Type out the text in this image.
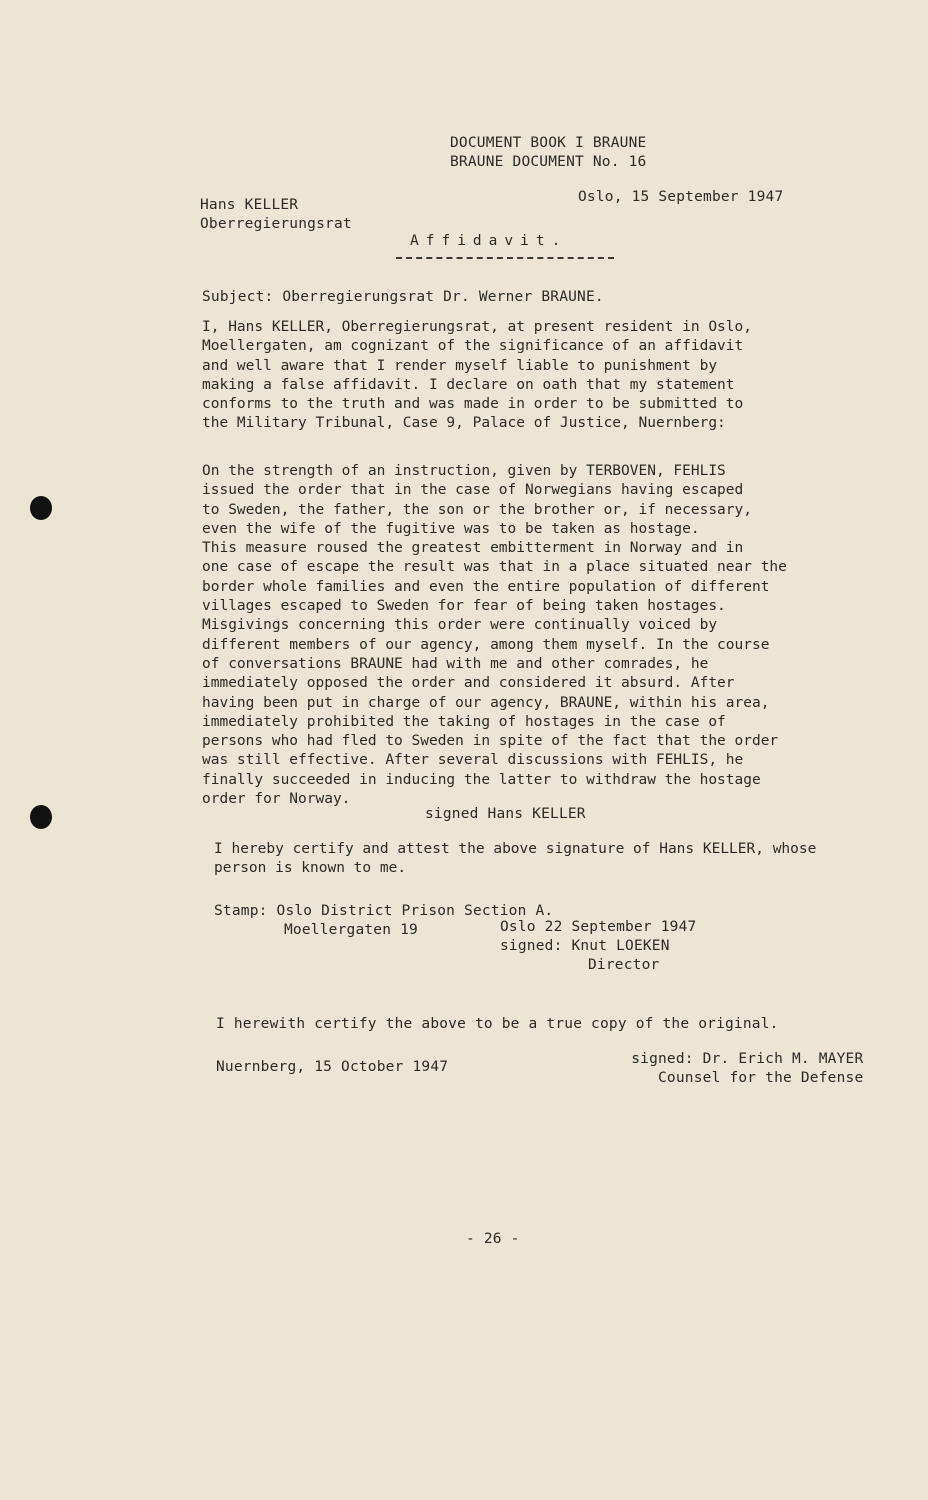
DOCUMENT BOOK I BRAUNE
BRAUNE DOCUMENT No. 16
Hans KELLER
Oberregierungsrat
Oslo, 15 September 1947
Affidavit.
Subject: Oberregierungsrat Dr. Werner BRAUNE.
I, Hans KELLER, Oberregierungsrat, at present resident in Oslo,
Moellergaten, am cognizant of the significance of an affidavit
and well aware that I render myself liable to punishment by
making a false affidavit. I declare on oath that my statement
conforms to the truth and was made in order to be submitted to
the Military Tribunal, Case 9, Palace of Justice, Nuernberg:
On the strength of an instruction, given by TERBOVEN, FEHLIS
issued the order that in the case of Norwegians having escaped
to Sweden, the father, the son or the brother or, if necessary,
even the wife of the fugitive was to be taken as hostage.
This measure roused the greatest embitterment in Norway and in
one case of escape the result was that in a place situated near the
border whole families and even the entire population of different
villages escaped to Sweden for fear of being taken hostages.
Misgivings concerning this order were continually voiced by
different members of our agency, among them myself. In the course
of conversations BRAUNE had with me and other comrades, he
immediately opposed the order and considered it absurd. After
having been put in charge of our agency, BRAUNE, within his area,
immediately prohibited the taking of hostages in the case of
persons who had fled to Sweden in spite of the fact that the order
was still effective. After several discussions with FEHLIS, he
finally succeeded in inducing the latter to withdraw the hostage
order for Norway.
signed Hans KELLER
I hereby certify and attest the above signature of Hans KELLER, whose
person is known to me.
Stamp: Oslo District Prison Section A.
Moellergaten 19	Oslo 22 September 1947
signed: Knut LOEKEN
Director
I herewith certify the above to be a true copy of the original.
Nuernberg, 15 October 1947	signed: Dr. Erich M. MAYER
Counsel for the Defense
- 26 -
